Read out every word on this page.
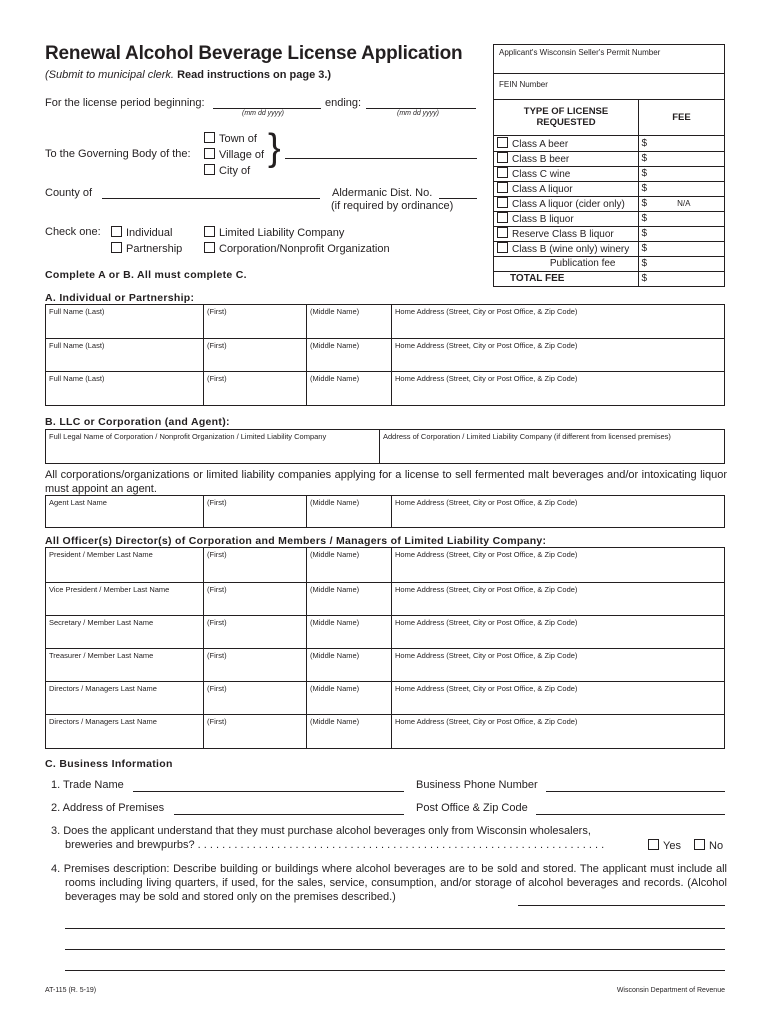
Renewal Alcohol Beverage License Application
(Submit to municipal clerk. Read instructions on page 3.)
For the license period beginning:
(mm dd yyyy)
ending:
(mm dd yyyy)
To the Governing Body of the:
Town of
Village of
City of
}
County of	Aldermanic Dist. No.
(if required by ordinance)
Check one:	Individual
Partnership
Limited Liability Company
Corporation/Nonprofit Organization
Complete A or B. All must complete C.
Applicant's Wisconsin Seller's Permit Number
FEIN Number
TYPE OF LICENSE REQUESTED	FEE
Class A beer	$
Class B beer	$
Class C wine	$
Class A liquor	$
Class A liquor (cider only)	$ N/A
Class B liquor	$
Reserve Class B liquor	$
Class B (wine only) winery	$
Publication fee	$
TOTAL FEE	$
A. Individual or Partnership:
Full Name (Last)	(First)	(Middle Name)	Home Address (Street, City or Post Office, & Zip Code)
Full Name (Last)	(First)	(Middle Name)	Home Address (Street, City or Post Office, & Zip Code)
Full Name (Last)	(First)	(Middle Name)	Home Address (Street, City or Post Office, & Zip Code)
B. LLC or Corporation (and Agent):
Full Legal Name of Corporation / Nonprofit Organization / Limited Liability Company	Address of Corporation / Limited Liability Company (if different from licensed premises)
All corporations/organizations or limited liability companies applying for a license to sell fermented malt beverages and/or intoxicating liquor must appoint an agent.
Agent Last Name	(First)	(Middle Name)	Home Address (Street, City or Post Office, & Zip Code)
All Officer(s) Director(s) of Corporation and Members / Managers of Limited Liability Company:
President / Member Last Name	(First)	(Middle Name)	Home Address (Street, City or Post Office, & Zip Code)
Vice President / Member Last Name	(First)	(Middle Name)	Home Address (Street, City or Post Office, & Zip Code)
Secretary / Member Last Name	(First)	(Middle Name)	Home Address (Street, City or Post Office, & Zip Code)
Treasurer / Member Last Name	(First)	(Middle Name)	Home Address (Street, City or Post Office, & Zip Code)
Directors / Managers Last Name	(First)	(Middle Name)	Home Address (Street, City or Post Office, & Zip Code)
Directors / Managers Last Name	(First)	(Middle Name)	Home Address (Street, City or Post Office, & Zip Code)
C. Business Information
1. Trade Name	Business Phone Number
2. Address of Premises	Post Office & Zip Code
3. Does the applicant understand that they must purchase alcohol beverages only from Wisconsin wholesalers,
breweries and brewpurbs? . . . . . . . . . . . . . . . . . . . . . . . . . . . . . . . . . . . . . . . . . . . . . . . . . . . . . . . . . . . . . . . . . . .	Yes	No
4. Premises description: Describe building or buildings where alcohol beverages are to be sold and stored. The applicant must include all rooms including living quarters, if used, for the sales, service, consumption, and/or storage of alcohol beverages and records. (Alcohol beverages may be sold and stored only on the premises described.)
AT-115 (R. 5-19)	Wisconsin Department of Revenue
